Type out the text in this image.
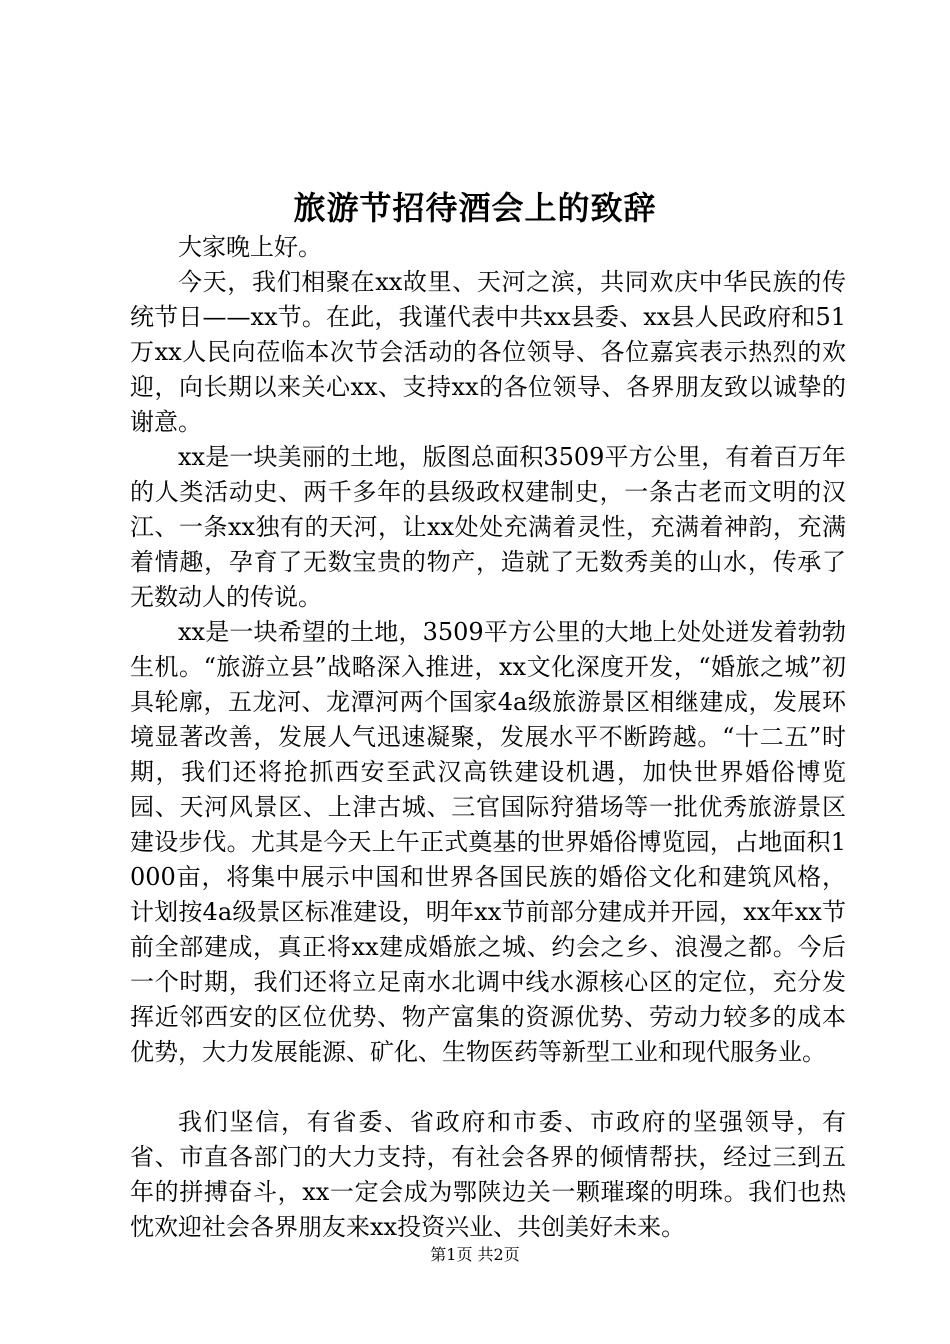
旅游节招待酒会上的致辞

大家晚上好。

今天，我们相聚在xx故里、天河之滨，共同欢庆中华民族的传统节日——xx节。在此，我谨代表中共xx县委、xx县人民政府和51万xx人民向莅临本次节会活动的各位领导、各位嘉宾表示热烈的欢迎，向长期以来关心xx、支持xx的各位领导、各界朋友致以诚挚的谢意。

xx是一块美丽的土地，版图总面积3509平方公里，有着百万年的人类活动史、两千多年的县级政权建制史，一条古老而文明的汉江、一条xx独有的天河，让xx处处充满着灵性，充满着神韵，充满着情趣，孕育了无数宝贵的物产，造就了无数秀美的山水，传承了无数动人的传说。

xx是一块希望的土地，3509平方公里的大地上处处迸发着勃勃生机。“旅游立县”战略深入推进，xx文化深度开发，“婚旅之城”初具轮廓，五龙河、龙潭河两个国家4a级旅游景区相继建成，发展环境显著改善，发展人气迅速凝聚，发展水平不断跨越。“十二五”时期，我们还将抢抓西安至武汉高铁建设机遇，加快世界婚俗博览园、天河风景区、上津古城、三官国际狩猎场等一批优秀旅游景区建设步伐。尤其是今天上午正式奠基的世界婚俗博览园，占地面积1000亩，将集中展示中国和世界各国民族的婚俗文化和建筑风格，计划按4a级景区标准建设，明年xx节前部分建成并开园，xx年xx节前全部建成，真正将xx建成婚旅之城、约会之乡、浪漫之都。今后一个时期，我们还将立足南水北调中线水源核心区的定位，充分发挥近邻西安的区位优势、物产富集的资源优势、劳动力较多的成本优势，大力发展能源、矿化、生物医药等新型工业和现代服务业。

我们坚信，有省委、省政府和市委、市政府的坚强领导，有省、市直各部门的大力支持，有社会各界的倾情帮扶，经过三到五年的拼搏奋斗，xx一定会成为鄂陕边关一颗璀璨的明珠。我们也热忱欢迎社会各界朋友来xx投资兴业、共创美好未来。

第1页 共2页
